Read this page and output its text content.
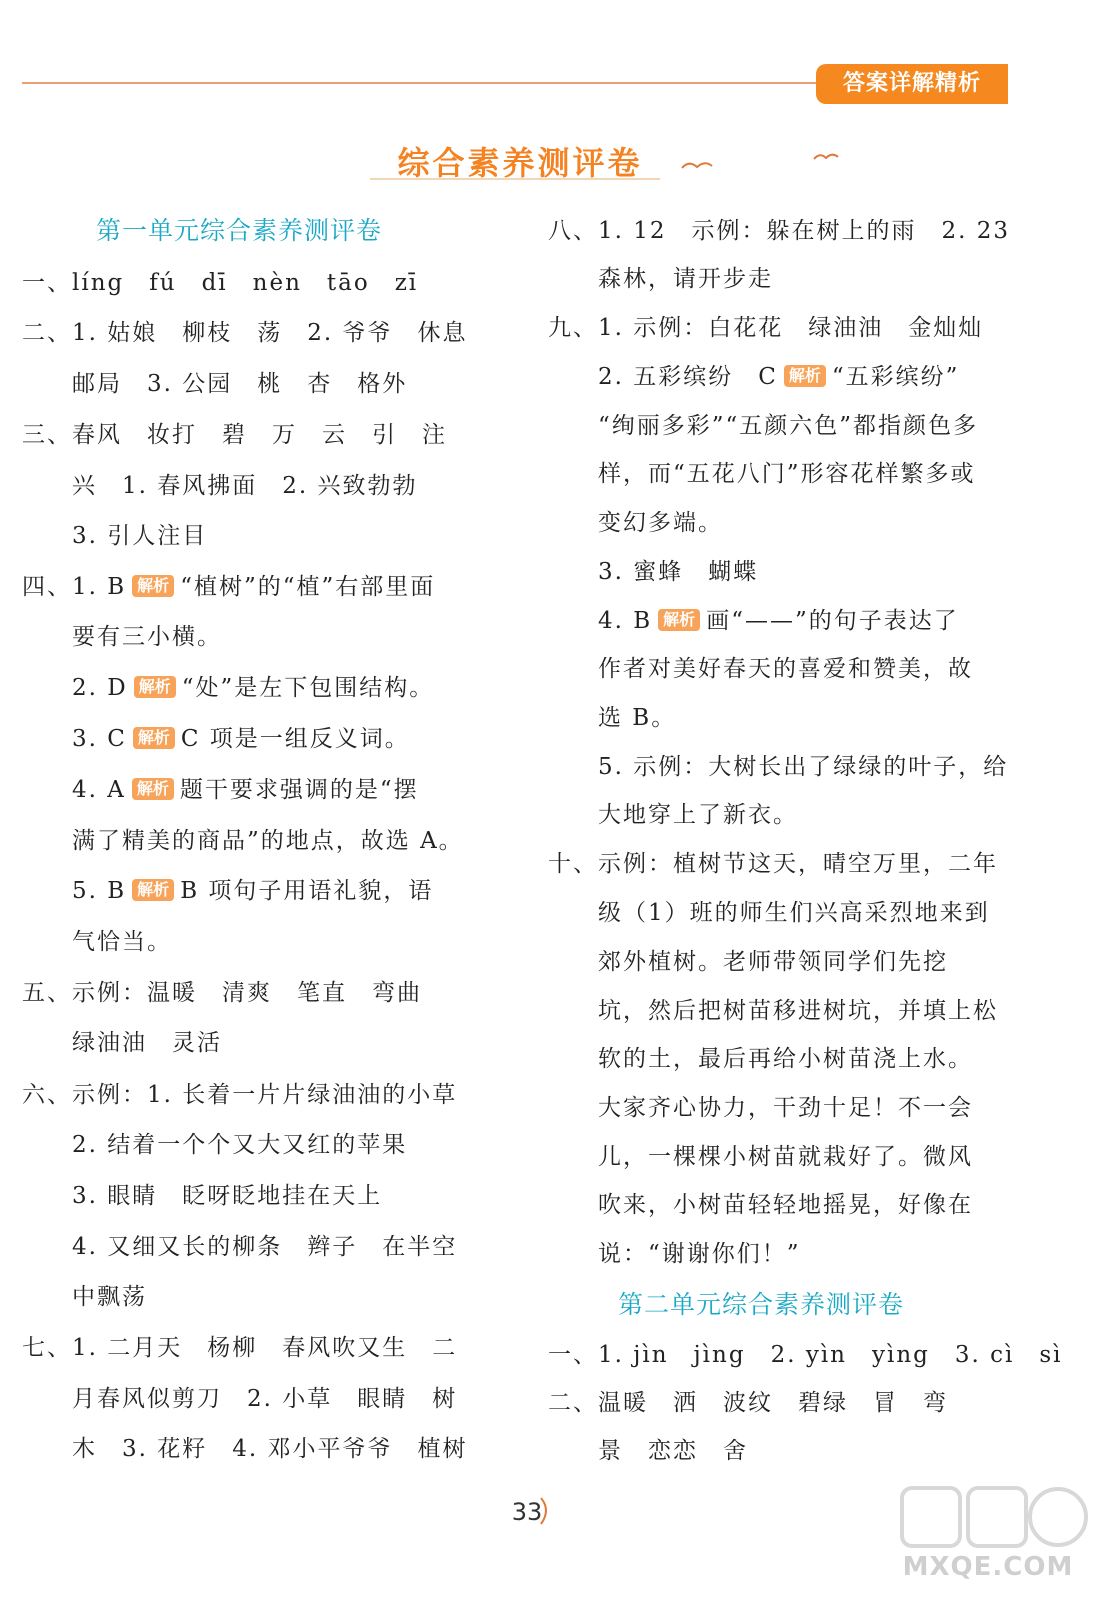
答案详解精析
综合素养测评卷
第一单元综合素养测评卷
一、líng　fú　dī　nèn　tāo　zī
二、1. 姑娘　柳枝　荡　2. 爷爷　休息
邮局　3. 公园　桃　杏　格外
三、春风　妆打　碧　万　云　引　注
兴　1. 春风拂面　2. 兴致勃勃
3. 引人注目
四、1. B 解析 “植树”的“植”右部里面
要有三小横。
2. D 解析 “处”是左下包围结构。
3. C 解析 C 项是一组反义词。
4. A 解析 题干要求强调的是“摆
满了精美的商品”的地点，故选 A。
5. B 解析 B 项句子用语礼貌，语
气恰当。
五、示例：温暖　清爽　笔直　弯曲
绿油油　灵活
六、示例：1. 长着一片片绿油油的小草
2. 结着一个个又大又红的苹果
3. 眼睛　眨呀眨地挂在天上
4. 又细又长的柳条　辫子　在半空
中飘荡
七、1. 二月天　杨柳　春风吹又生　二
月春风似剪刀　2. 小草　眼睛　树
木　3. 花籽　4. 邓小平爷爷　植树
八、1. 12　示例：躲在树上的雨　2. 23
森林，请开步走
九、1. 示例：白花花　绿油油　金灿灿
2. 五彩缤纷　C 解析 “五彩缤纷”
“绚丽多彩”“五颜六色”都指颜色多
样，而“五花八门”形容花样繁多或
变幻多端。
3. 蜜蜂　蝴蝶
4. B 解析 画“——”的句子表达了
作者对美好春天的喜爱和赞美，故
选 B。
5. 示例：大树长出了绿绿的叶子，给
大地穿上了新衣。
十、示例：植树节这天，晴空万里，二年
级（1）班的师生们兴高采烈地来到
郊外植树。老师带领同学们先挖
坑，然后把树苗移进树坑，并填上松
软的土，最后再给小树苗浇上水。
大家齐心协力，干劲十足！不一会
儿，一棵棵小树苗就栽好了。微风
吹来，小树苗轻轻地摇晃，好像在
说：“谢谢你们！”
第二单元综合素养测评卷
一、1. jìn　jìng　2. yìn　yìng　3. cì　sì
二、温暖　洒　波纹　碧绿　冒　弯
景　恋恋　舍
33
MXQE.COM
